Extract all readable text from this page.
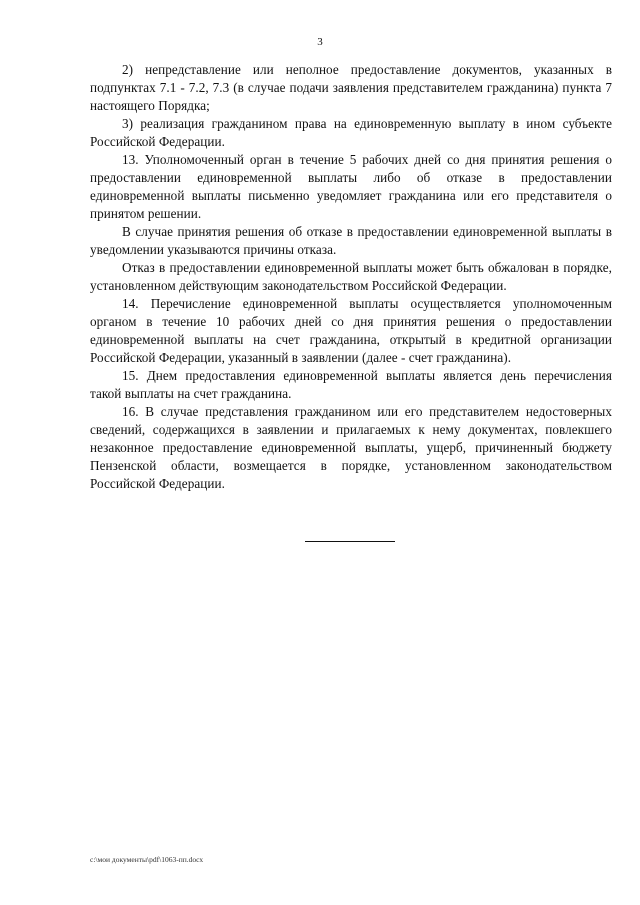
3

2) непредставление или неполное предоставление документов, указанных в подпунктах 7.1 - 7.2, 7.3 (в случае подачи заявления представителем гражданина) пункта 7 настоящего Порядка;

3) реализация гражданином права на единовременную выплату в ином субъекте Российской Федерации.

13. Уполномоченный орган в течение 5 рабочих дней со дня принятия решения о предоставлении единовременной выплаты либо об отказе в предоставлении единовременной выплаты письменно уведомляет гражданина или его представителя о принятом решении.

В случае принятия решения об отказе в предоставлении единовременной выплаты в уведомлении указываются причины отказа.

Отказ в предоставлении единовременной выплаты может быть обжалован в порядке, установленном действующим законодательством Российской Федерации.

14. Перечисление единовременной выплаты осуществляется уполномоченным органом в течение 10 рабочих дней со дня принятия решения о предоставлении единовременной выплаты на счет гражданина, открытый в кредитной организации Российской Федерации, указанный в заявлении (далее - счет гражданина).

15. Днем предоставления единовременной выплаты является день перечисления такой выплаты на счет гражданина.

16. В случае представления гражданином или его представителем недостоверных сведений, содержащихся в заявлении и прилагаемых к нему документах, повлекшего незаконное предоставление единовременной выплаты, ущерб, причиненный бюджету Пензенской области, возмещается в порядке, установленном законодательством Российской Федерации.

c:\мои документы\pdf\1063-пп.docx
